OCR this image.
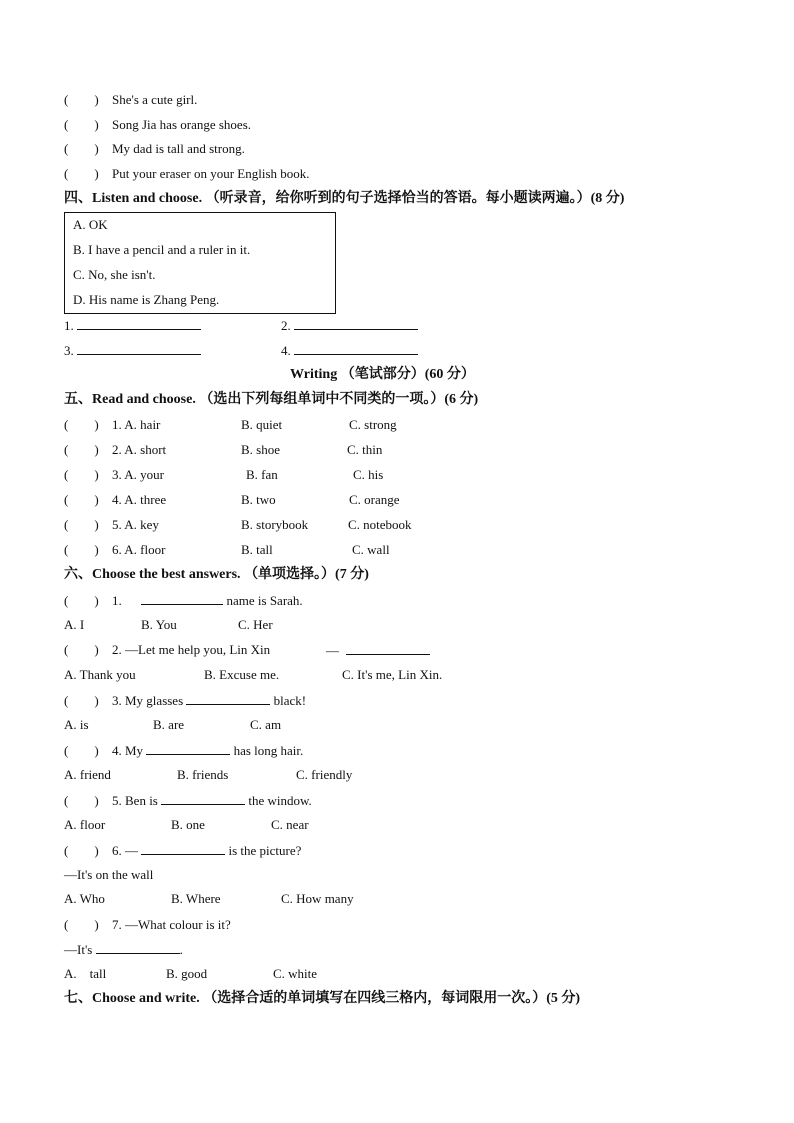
(        ) She's a cute girl.
(        ) Song Jia has orange shoes.
(        ) My dad is tall and strong.
(        ) Put your eraser on your English book.
四、Listen and choose. （听录音，给你听到的句子选择恰当的答语。每小题读两遍。）(8 分)
A. OK
B. I have a pencil and a ruler in it.
C. No, she isn't.
D. His name is Zhang Peng.
1.	2.
3.	4.
Writing （笔试部分）(60 分）
五、Read and choose. （选出下列每组单词中不同类的一项。）(6 分)
(        ) 1. A. hair	B. quiet	C. strong
(        ) 2. A. short	B. shoe	C. thin
(        ) 3. A. your	B. fan	C. his
(        ) 4. A. three	B. two	C. orange
(        ) 5. A. key	B. storybook	C. notebook
(        ) 6. A. floor	B. tall	C. wall
六、Choose the best answers. （单项选择。）(7 分)
(        ) 1.	name is Sarah.
A. I	B. You	C. Her
(        ) 2. —Let me help you, Lin Xin	—
A. Thank you	B. Excuse me.	C. It's me, Lin Xin.
(        ) 3. My glasses	black!
A. is	B. are	C. am
(        ) 4. My	has long hair.
A. friend	B. friends	C. friendly
(        ) 5. Ben is	the window.
A. floor	B. one	C. near
(        ) 6. —	is the picture?
—It's on the wall
A. Who	B. Where	C. How many
(        ) 7. —What colour is it?
—It's	.
A.    tall	B. good	C. white
七、Choose and write. （选择合适的单词填写在四线三格内，每词限用一次。）(5 分)
